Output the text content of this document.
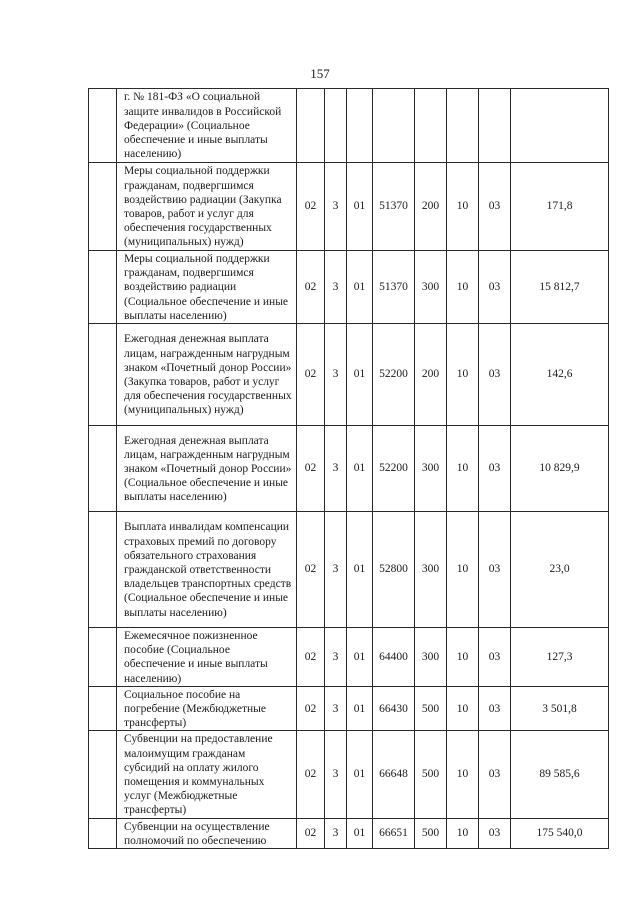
157
	г. № 181-ФЗ «О социальной защите инвалидов в Российской Федерации» (Социальное обеспечение и иные выплаты населению)								
	Меры социальной поддержки гражданам, подвергшимся воздействию радиации (Закупка товаров, работ и услуг для обеспечения государственных (муниципальных) нужд)	02	3	01	51370	200	10	03	171,8
	Меры социальной поддержки гражданам, подвергшимся воздействию радиации (Социальное обеспечение и иные выплаты населению)	02	3	01	51370	300	10	03	15 812,7
	Ежегодная денежная выплата лицам, награжденным нагрудным знаком «Почетный донор России» (Закупка товаров, работ и услуг для обеспечения государственных (муниципальных) нужд)	02	3	01	52200	200	10	03	142,6
	Ежегодная денежная выплата лицам, награжденным нагрудным знаком «Почетный донор России» (Социальное обеспечение и иные выплаты населению)	02	3	01	52200	300	10	03	10 829,9
	Выплата инвалидам компенсации страховых премий по договору обязательного страхования гражданской ответственности владельцев транспортных средств (Социальное обеспечение и иные выплаты населению)	02	3	01	52800	300	10	03	23,0
	Ежемесячное пожизненное пособие (Социальное обеспечение и иные выплаты населению)	02	3	01	64400	300	10	03	127,3
	Социальное пособие на погребение (Межбюджетные трансферты)	02	3	01	66430	500	10	03	3 501,8
	Субвенции на предоставление малоимущим гражданам субсидий на оплату жилого помещения и коммунальных услуг (Межбюджетные трансферты)	02	3	01	66648	500	10	03	89 585,6
	Субвенции на осуществление полномочий по обеспечению	02	3	01	66651	500	10	03	175 540,0
